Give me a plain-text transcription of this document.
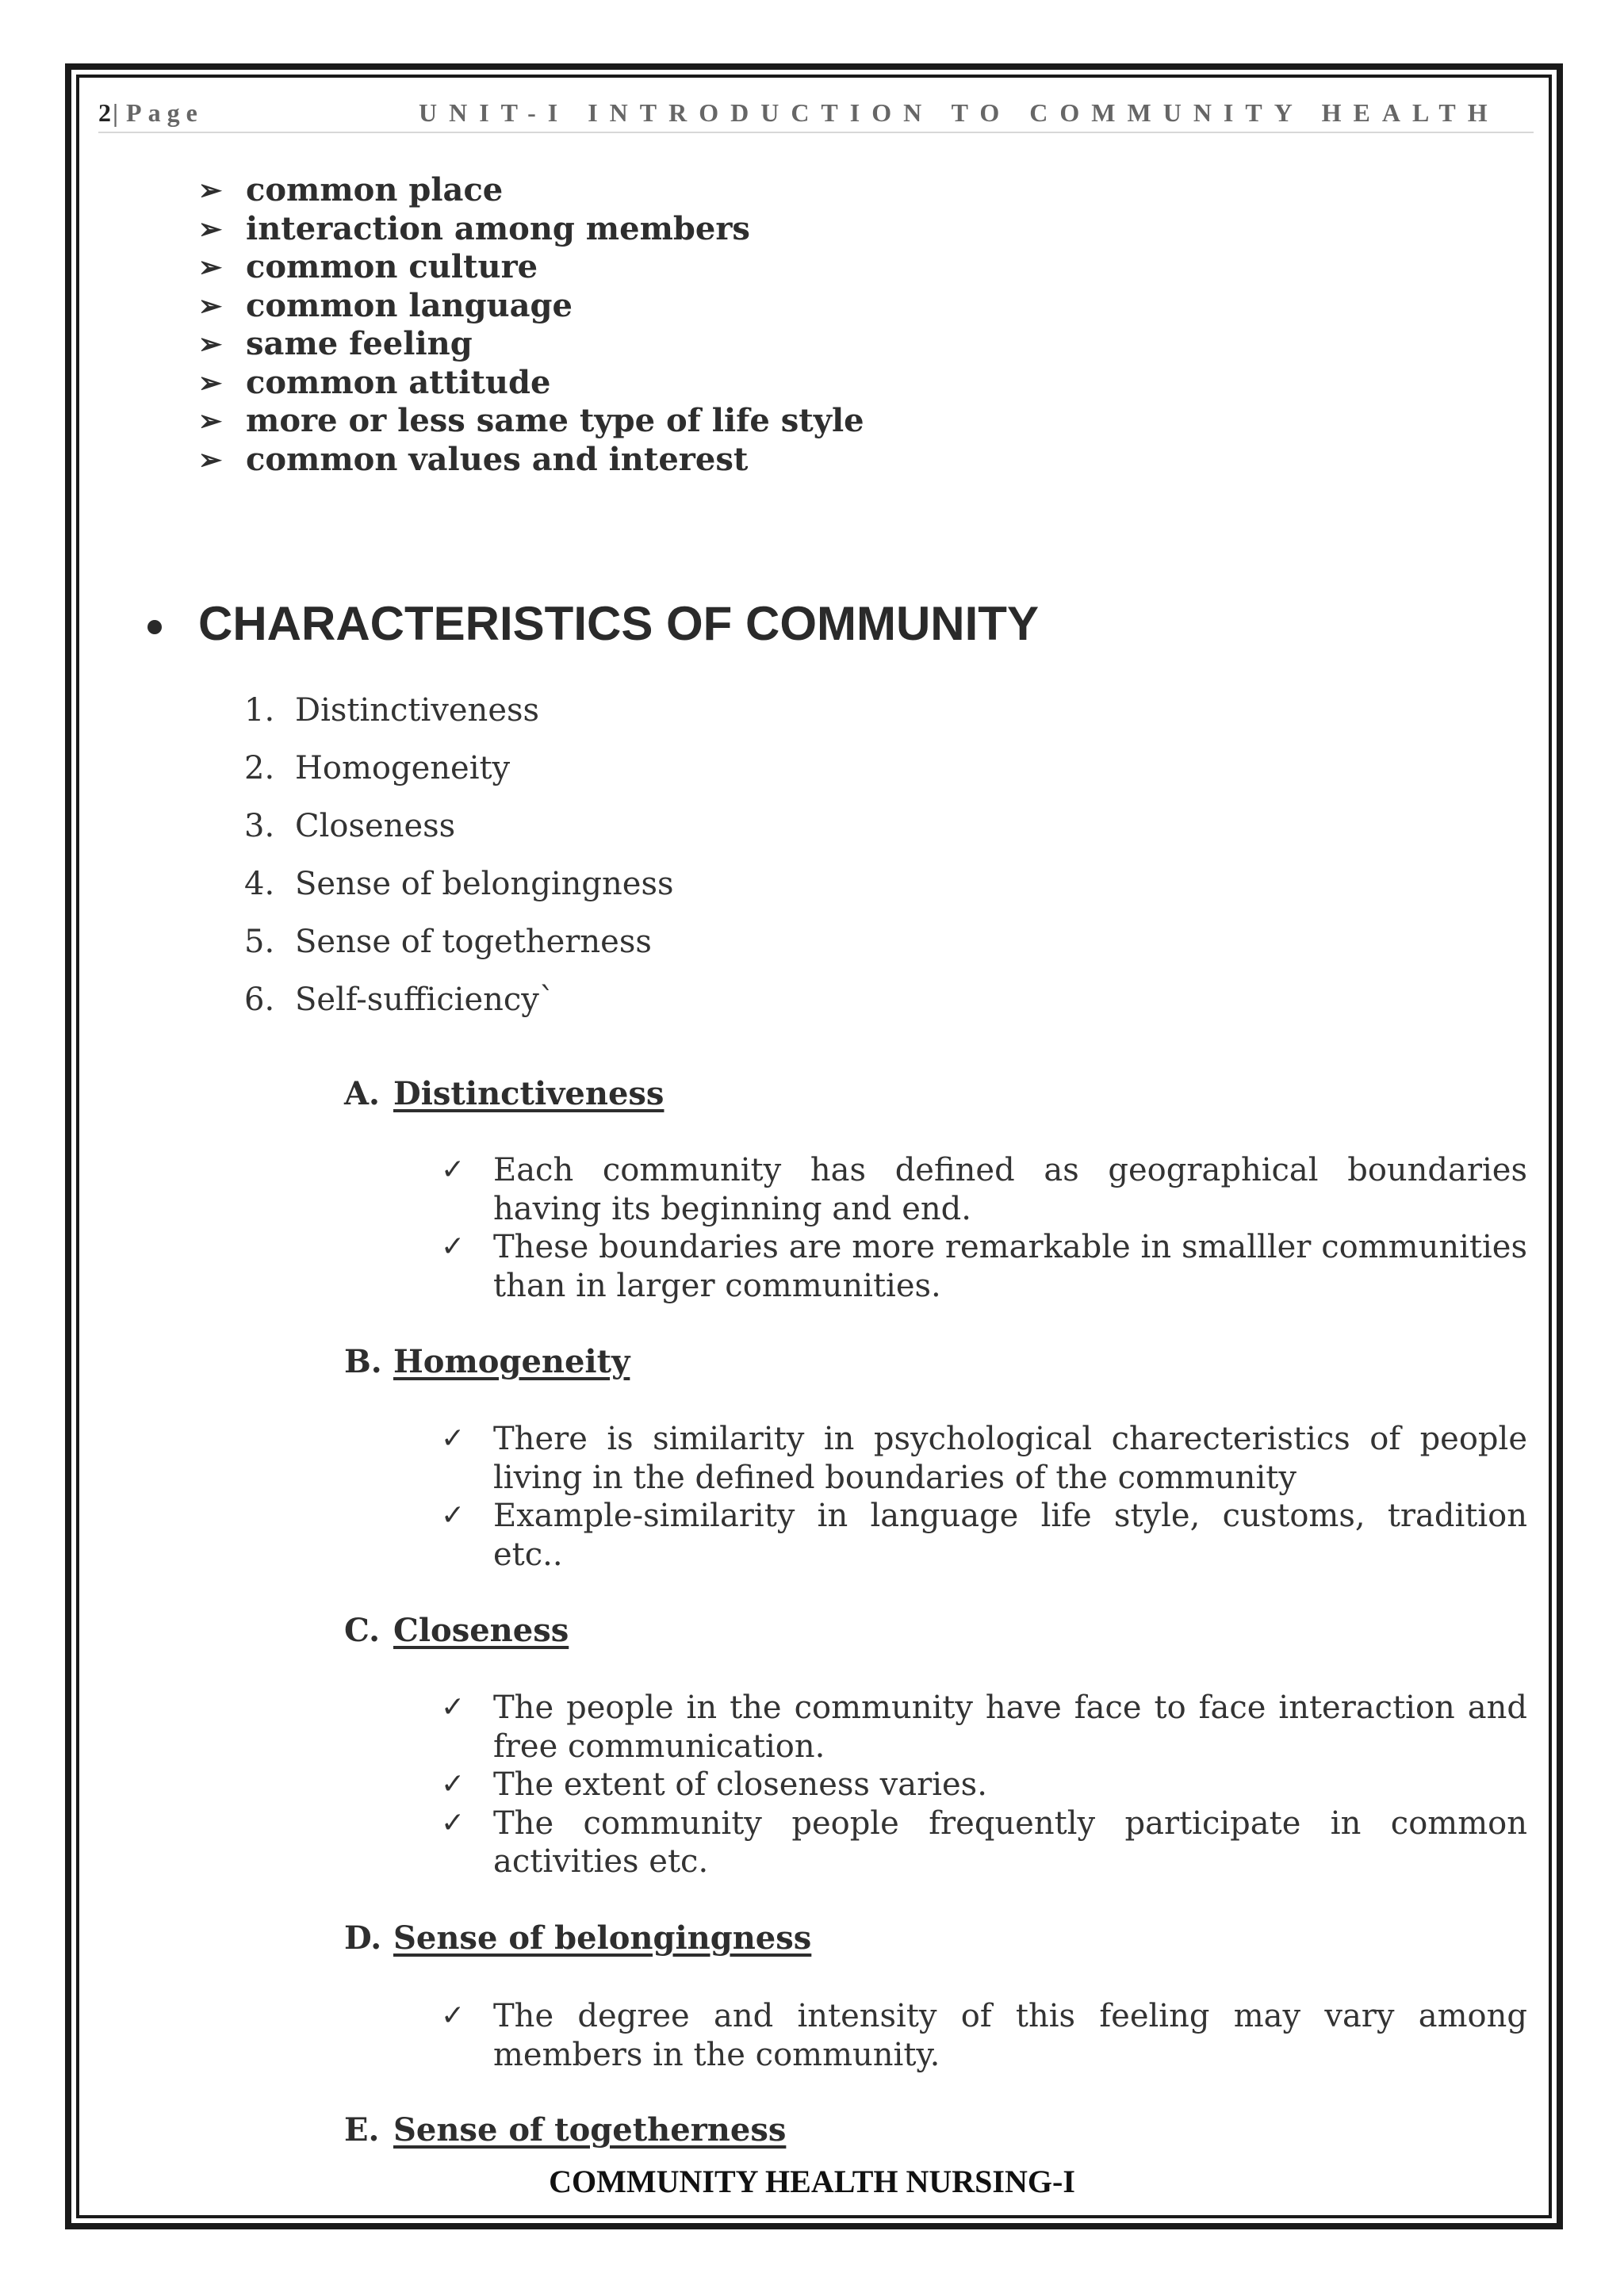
2| Page	UNIT-I INTRODUCTION TO COMMUNITY HEALTH
➢ common place
➢ interaction among members
➢ common culture
➢ common language
➢ same feeling
➢ common attitude
➢ more or less same type of life style
➢ common values and interest
CHARACTERISTICS OF COMMUNITY
1. Distinctiveness
2. Homogeneity
3. Closeness
4. Sense of belongingness
5. Sense of togetherness
6. Self-sufficiency`
A. Distinctiveness
✓ Each community has defined as geographical boundaries having its beginning and end.
✓ These boundaries are more remarkable in smalller communities than in larger communities.
B. Homogeneity
✓ There is similarity in psychological charecteristics of people living in the defined boundaries of the community
✓ Example-similarity in language life style, customs, tradition etc..
C. Closeness
✓ The people in the community have face to face interaction and free communication.
✓ The extent of closeness varies.
✓ The community people frequently participate in common activities etc.
D. Sense of belongingness
✓ The degree and intensity of this feeling may vary among members in the community.
E. Sense of togetherness
COMMUNITY HEALTH NURSING-I
